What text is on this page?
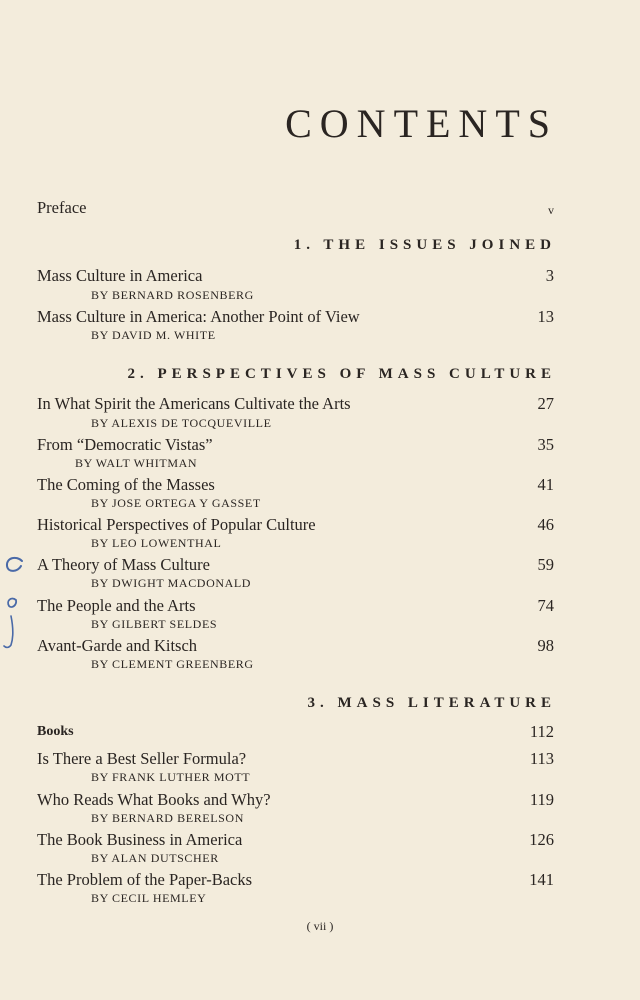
CONTENTS
Preface	v
1. THE ISSUES JOINED
Mass Culture in America	3
BY BERNARD ROSENBERG
Mass Culture in America: Another Point of View	13
BY DAVID M. WHITE
2. PERSPECTIVES OF MASS CULTURE
In What Spirit the Americans Cultivate the Arts	27
BY ALEXIS DE TOCQUEVILLE
From “Democratic Vistas”	35
BY WALT WHITMAN
The Coming of the Masses	41
BY JOSE ORTEGA Y GASSET
Historical Perspectives of Popular Culture	46
BY LEO LOWENTHAL
A Theory of Mass Culture	59
BY DWIGHT MACDONALD
The People and the Arts	74
BY GILBERT SELDES
Avant-Garde and Kitsch	98
BY CLEMENT GREENBERG
3. MASS LITERATURE
Books	112
Is There a Best Seller Formula?	113
BY FRANK LUTHER MOTT
Who Reads What Books and Why?	119
BY BERNARD BERELSON
The Book Business in America	126
BY ALAN DUTSCHER
The Problem of the Paper-Backs	141
BY CECIL HEMLEY
( vii )
